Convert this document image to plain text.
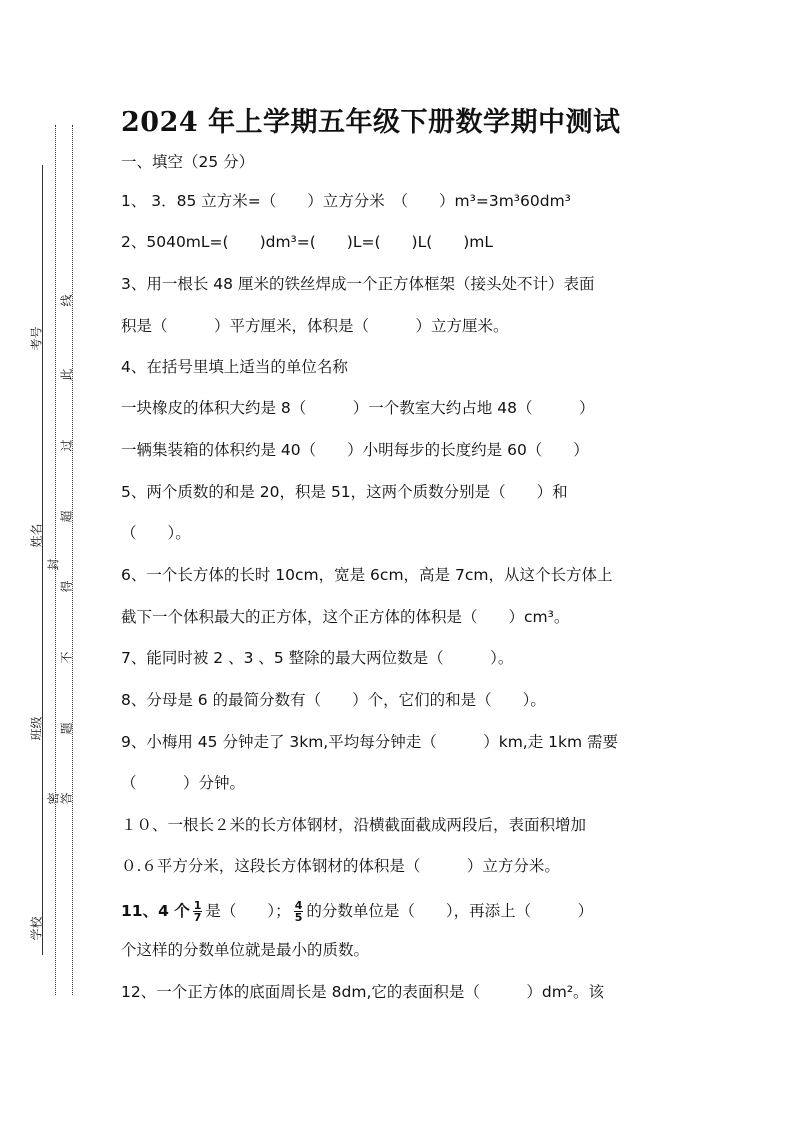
考号
姓名
班级
学校
线
此
过
超
得
封
不
题
答
密
2024 年上学期五年级下册数学期中测试
一、填空（25 分）
1、 3．85 立方米=（　　）立方分米　（　　）m³=3m³60dm³
2、5040mL=(　　)dm³=(　　)L=(　　)L(　　)mL
3、用一根长 48 厘米的铁丝焊成一个正方体框架（接头处不计）表面
积是（　　　）平方厘米，体积是（　　　）立方厘米。
4、在括号里填上适当的单位名称
一块橡皮的体积大约是 8（　　　）一个教室大约占地 48（　　　）
一辆集装箱的体积约是 40（　　）小明每步的长度约是 60（　　）
5、两个质数的和是 20，积是 51，这两个质数分别是（　　）和
（　　）。
6、一个长方体的长时 10cm，宽是 6cm，高是 7cm，从这个长方体上
截下一个体积最大的正方体，这个正方体的体积是（　　）cm³。
7、能同时被 2 、3 、5 整除的最大两位数是（　　　）。
8、分母是 6 的最简分数有（　　）个，它们的和是（　　）。
9、小梅用 45 分钟走了 3km,平均每分钟走（　　　）km,走 1km 需要
（　　　）分钟。
１０、一根长２米的长方体钢材，沿横截面截成两段后，表面积增加
０.６平方分米，这段长方体钢材的体积是（　　　）立方分米。
11、4 个 $\frac{1}{7}$ 是（　　）； $\frac{4}{5}$ 的分数单位是（　　），再添上（　　　）
个这样的分数单位就是最小的质数。
12、一个正方体的底面周长是 8dm,它的表面积是（　　　）dm²。该
